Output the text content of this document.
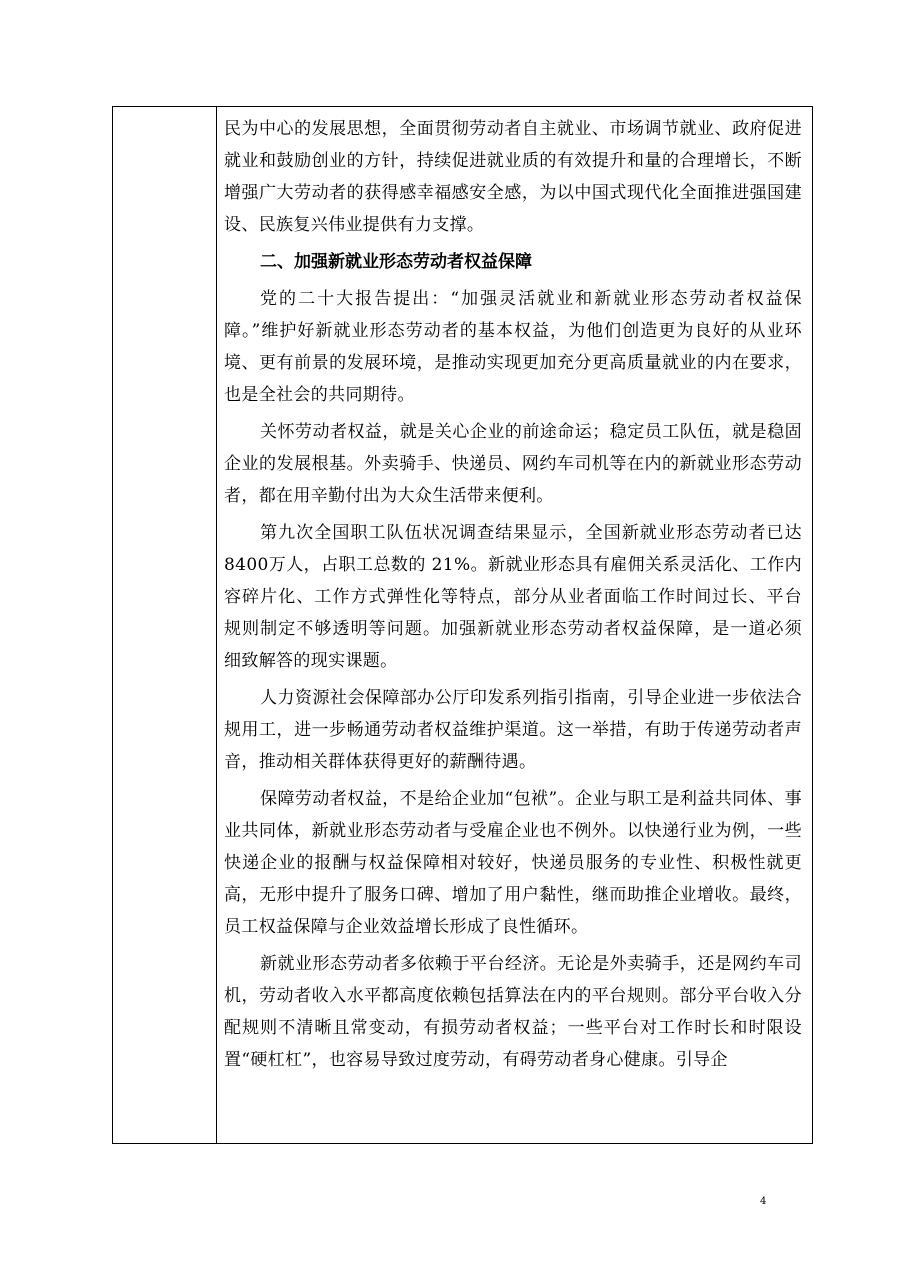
民为中心的发展思想，全面贯彻劳动者自主就业、市场调节就业、政府促进就业和鼓励创业的方针，持续促进就业质的有效提升和量的合理增长，不断增强广大劳动者的获得感幸福感安全感，为以中国式现代化全面推进强国建设、民族复兴伟业提供有力支撑。

二、加强新就业形态劳动者权益保障

党的二十大报告提出：“加强灵活就业和新就业形态劳动者权益保障。”维护好新就业形态劳动者的基本权益，为他们创造更为良好的从业环境、更有前景的发展环境，是推动实现更加充分更高质量就业的内在要求，也是全社会的共同期待。

关怀劳动者权益，就是关心企业的前途命运；稳定员工队伍，就是稳固企业的发展根基。外卖骑手、快递员、网约车司机等在内的新就业形态劳动者，都在用辛勤付出为大众生活带来便利。

第九次全国职工队伍状况调查结果显示，全国新就业形态劳动者已达8400万人，占职工总数的 21%。新就业形态具有雇佣关系灵活化、工作内 容碎片化、工作方式弹性化等特点，部分从业者面临工作时间过长、平台 规则制定不够透明等问题。加强新就业形态劳动者权益保障，是一道必须 细致解答的现实课题。

人力资源社会保障部办公厅印发系列指引指南，引导企业进一步依法合规用工，进一步畅通劳动者权益维护渠道。这一举措，有助于传递劳动者声音，推动相关群体获得更好的薪酬待遇。

保障劳动者权益，不是给企业加“包袱”。企业与职工是利益共同体、事业共同体，新就业形态劳动者与受雇企业也不例外。以快递行业为例，一些快递企业的报酬与权益保障相对较好，快递员服务的专业性、积极性就更高，无形中提升了服务口碑、增加了用户黏性，继而助推企业增收。最终，员工权益保障与企业效益增长形成了良性循环。

新就业形态劳动者多依赖于平台经济。无论是外卖骑手，还是网约车司机，劳动者收入水平都高度依赖包括算法在内的平台规则。部分平台收入分配规则不清晰且常变动，有损劳动者权益；一些平台对工作时长和时限设置“硬杠杠”，也容易导致过度劳动，有碍劳动者身心健康。引导企

4
